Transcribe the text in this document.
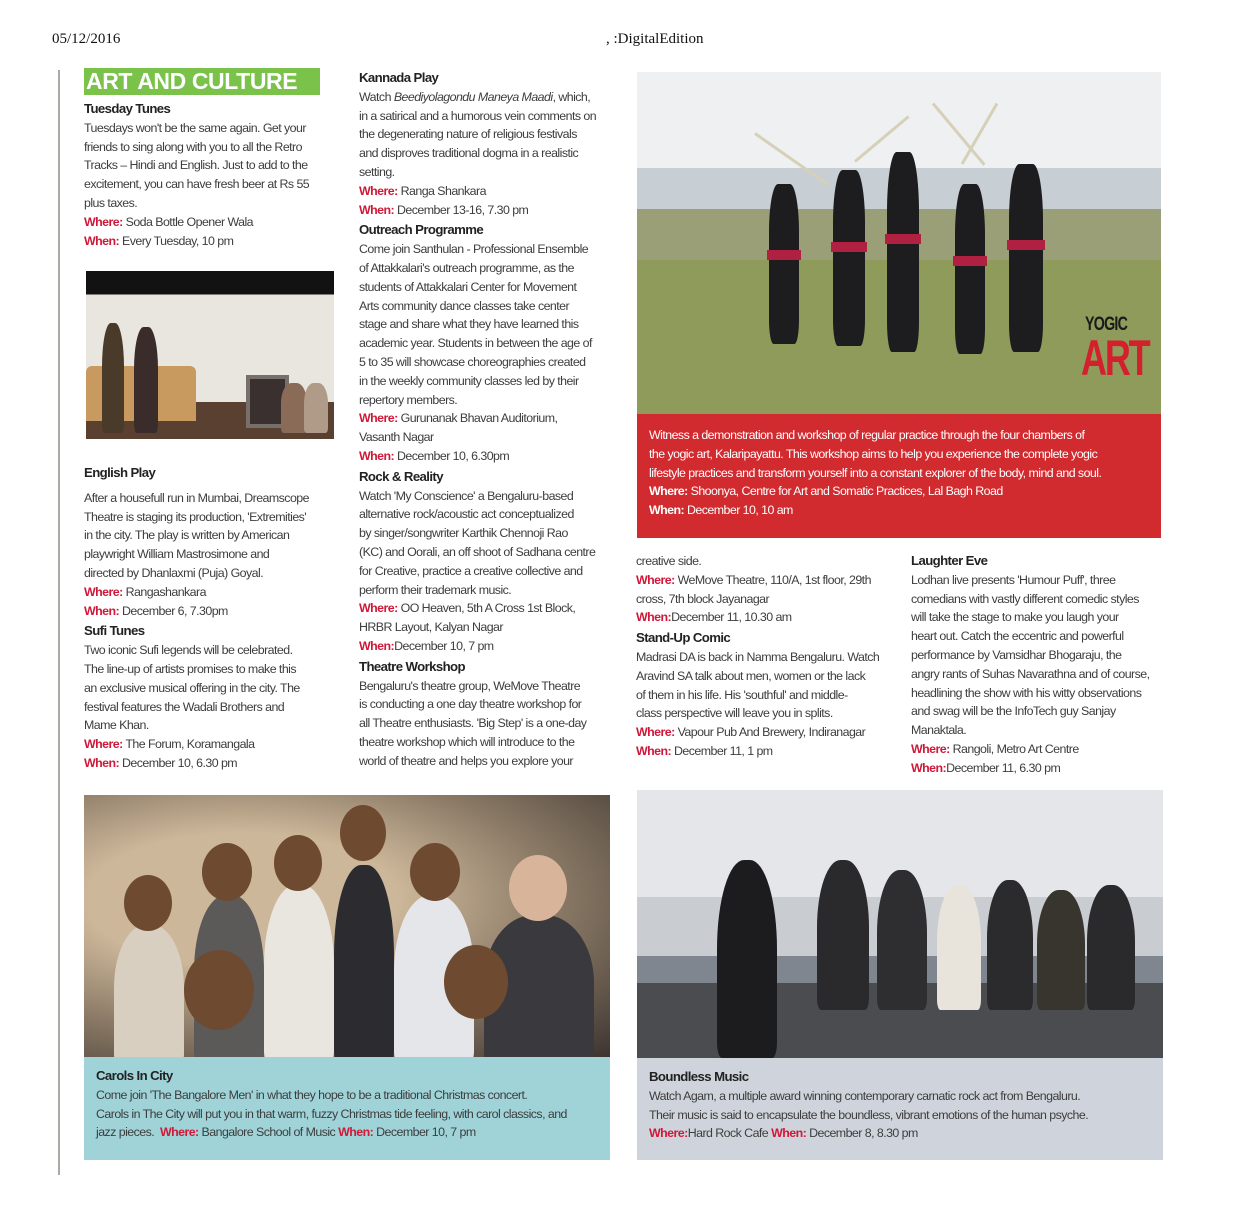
05/12/2016	, :DigitalEdition
ART AND CULTURE

Tuesday Tunes

Tuesdays won't be the same again. Get your

friends to sing along with you to all the Retro

Tracks – Hindi and English. Just to add to the

excitement, you can have fresh beer at Rs 55

plus taxes.

Where: Soda Bottle Opener Wala

When: Every Tuesday, 10 pm

English Play

After a housefull run in Mumbai, Dreamscope

Theatre is staging its production, 'Extremities'

in the city. The play is written by American

playwright William Mastrosimone and

directed by Dhanlaxmi (Puja) Goyal.

Where: Rangashankara

When: December 6, 7.30pm

Sufi Tunes

Two iconic Sufi legends will be celebrated.

The line-up of artists promises to make this

an exclusive musical offering in the city. The

festival features the Wadali Brothers and

Mame Khan.

Where: The Forum, Koramangala

When: December 10, 6.30 pm

Kannada Play

Watch Beediyolagondu Maneya Maadi, which,

in a satirical and a humorous vein comments on

the degenerating nature of religious festivals

and disproves traditional dogma in a realistic

setting.

Where: Ranga Shankara

When: December 13-16, 7.30 pm

Outreach Programme

Come join Santhulan - Professional Ensemble

of Attakkalari's outreach programme, as the

students of Attakkalari Center for Movement

Arts community dance classes take center

stage and share what they have learned this

academic year. Students in between the age of

5 to 35 will showcase choreographies created

in the weekly community classes led by their

repertory members.

Where: Gurunanak Bhavan Auditorium,

Vasanth Nagar

When: December 10, 6.30pm

Rock & Reality

Watch 'My Conscience' a Bengaluru-based

alternative rock/acoustic act conceptualized

by singer/songwriter Karthik Chennoji Rao

(KC) and Oorali, an off shoot of Sadhana centre

for Creative, practice a creative collective and

perform their trademark music.

Where: OO Heaven, 5th A Cross 1st Block,

HRBR Layout, Kalyan Nagar

When:December 10, 7 pm

Theatre Workshop

Bengaluru's theatre group, WeMove Theatre

is conducting a one day theatre workshop for

all Theatre enthusiasts. 'Big Step' is a one-day

theatre workshop which will introduce to the

world of theatre and helps you explore your

YOGIC
ART

Witness a demonstration and workshop of regular practice through the four chambers of

the yogic art, Kalaripayattu. This workshop aims to help you experience the complete yogic

lifestyle practices and transform yourself into a constant explorer of the body, mind and soul.

Where: Shoonya, Centre for Art and Somatic Practices, Lal Bagh Road

When: December 10, 10 am

creative side.

Where: WeMove Theatre, 110/A, 1st floor, 29th

cross, 7th block Jayanagar

When:December 11, 10.30 am

Stand-Up Comic

Madrasi DA is back in Namma Bengaluru. Watch

Aravind SA talk about men, women or the lack

of them in his life. His 'southful' and middle-

class perspective will leave you in splits.

Where: Vapour Pub And Brewery, Indiranagar

When: December 11, 1 pm

Laughter Eve

Lodhan live presents 'Humour Puff', three

comedians with vastly different comedic styles

will take the stage to make you laugh your

heart out. Catch the eccentric and powerful

performance by Vamsidhar Bhogaraju, the

angry rants of Suhas Navarathna and of course,

headlining the show with his witty observations

and swag will be the InfoTech guy Sanjay

Manaktala.

Where: Rangoli, Metro Art Centre

When:December 11, 6.30 pm

Carols In City

Come join 'The Bangalore Men' in what they hope to be a traditional Christmas concert.

Carols in The City will put you in that warm, fuzzy Christmas tide feeling, with carol classics, and

jazz pieces. Where: Bangalore School of Music When: December 10, 7 pm

Boundless Music

Watch Agam, a multiple award winning contemporary carnatic rock act from Bengaluru.

Their music is said to encapsulate the boundless, vibrant emotions of the human psyche.

Where:Hard Rock Cafe When: December 8, 8.30 pm
